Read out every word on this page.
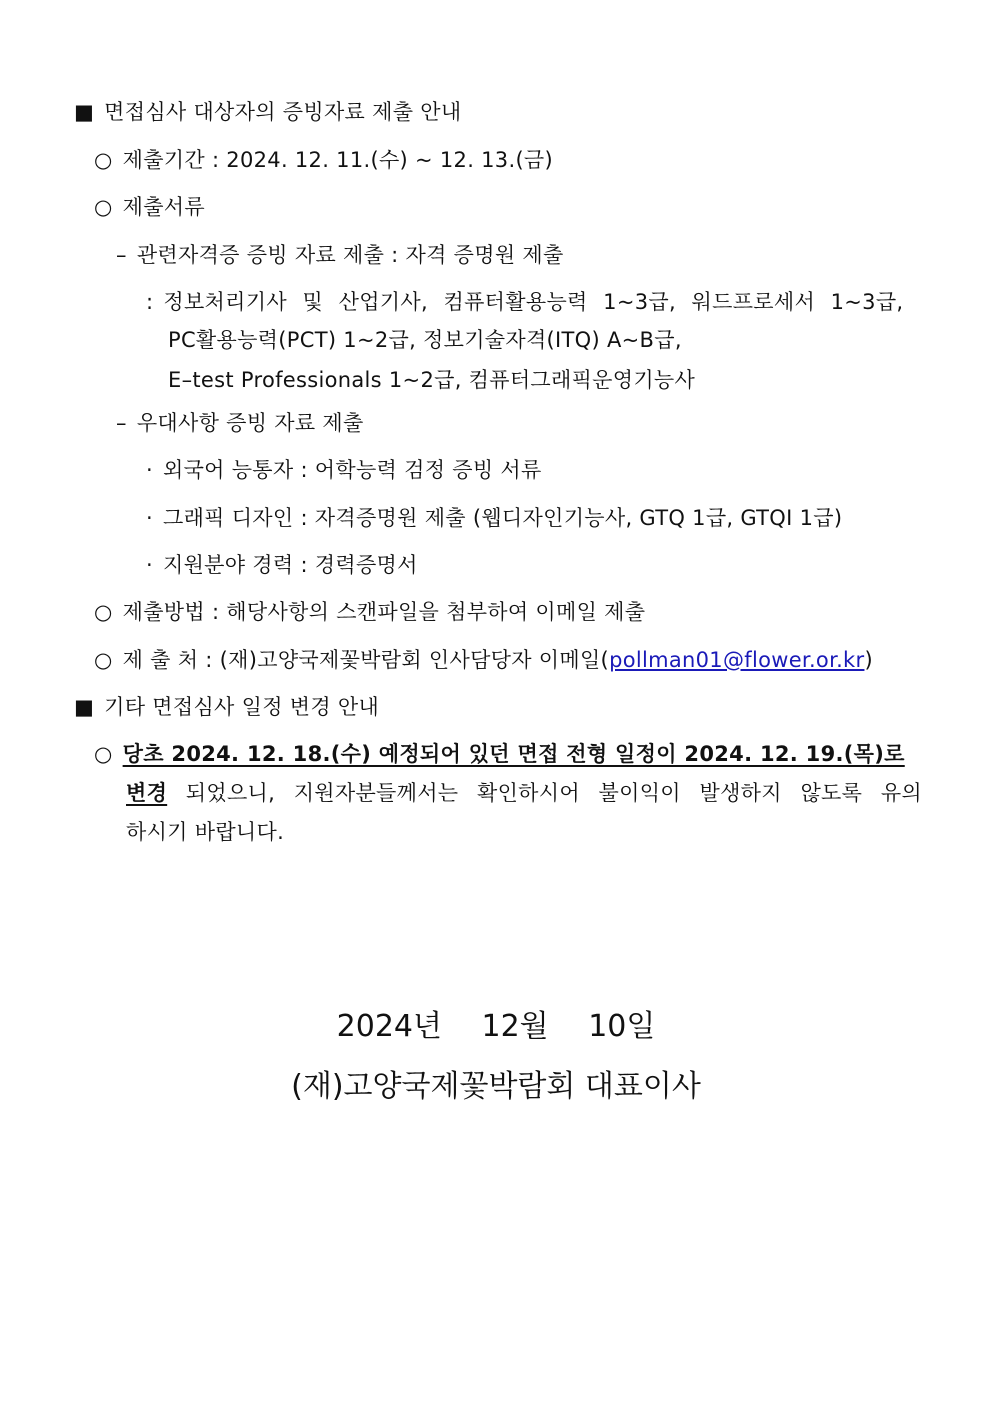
■ 면접심사 대상자의 증빙자료 제출 안내
○ 제출기간 : 2024. 12. 11.(수) ~ 12. 13.(금)
○ 제출서류
– 관련자격증 증빙 자료 제출 : 자격 증명원 제출
: 정보처리기사 및 산업기사, 컴퓨터활용능력 1~3급, 워드프로세서 1~3급,
PC활용능력(PCT) 1~2급, 정보기술자격(ITQ) A~B급,
E–test Professionals 1~2급, 컴퓨터그래픽운영기능사
– 우대사항 증빙 자료 제출
· 외국어 능통자 : 어학능력 검정 증빙 서류
· 그래픽 디자인 : 자격증명원 제출 (웹디자인기능사, GTQ 1급, GTQI 1급)
· 지원분야 경력 : 경력증명서
○ 제출방법 : 해당사항의 스캔파일을 첨부하여 이메일 제출
○ 제 출 처 : (재)고양국제꽃박람회 인사담당자 이메일(pollman01@flower.or.kr)
■ 기타 면접심사 일정 변경 안내
○ 당초 2024. 12. 18.(수) 예정되어 있던 면접 전형 일정이 2024. 12. 19.(목)로
변경 되었으니, 지원자분들께서는 확인하시어 불이익이 발생하지 않도록 유의
하시기 바랍니다.
2024년 12월 10일
(재)고양국제꽃박람회 대표이사
